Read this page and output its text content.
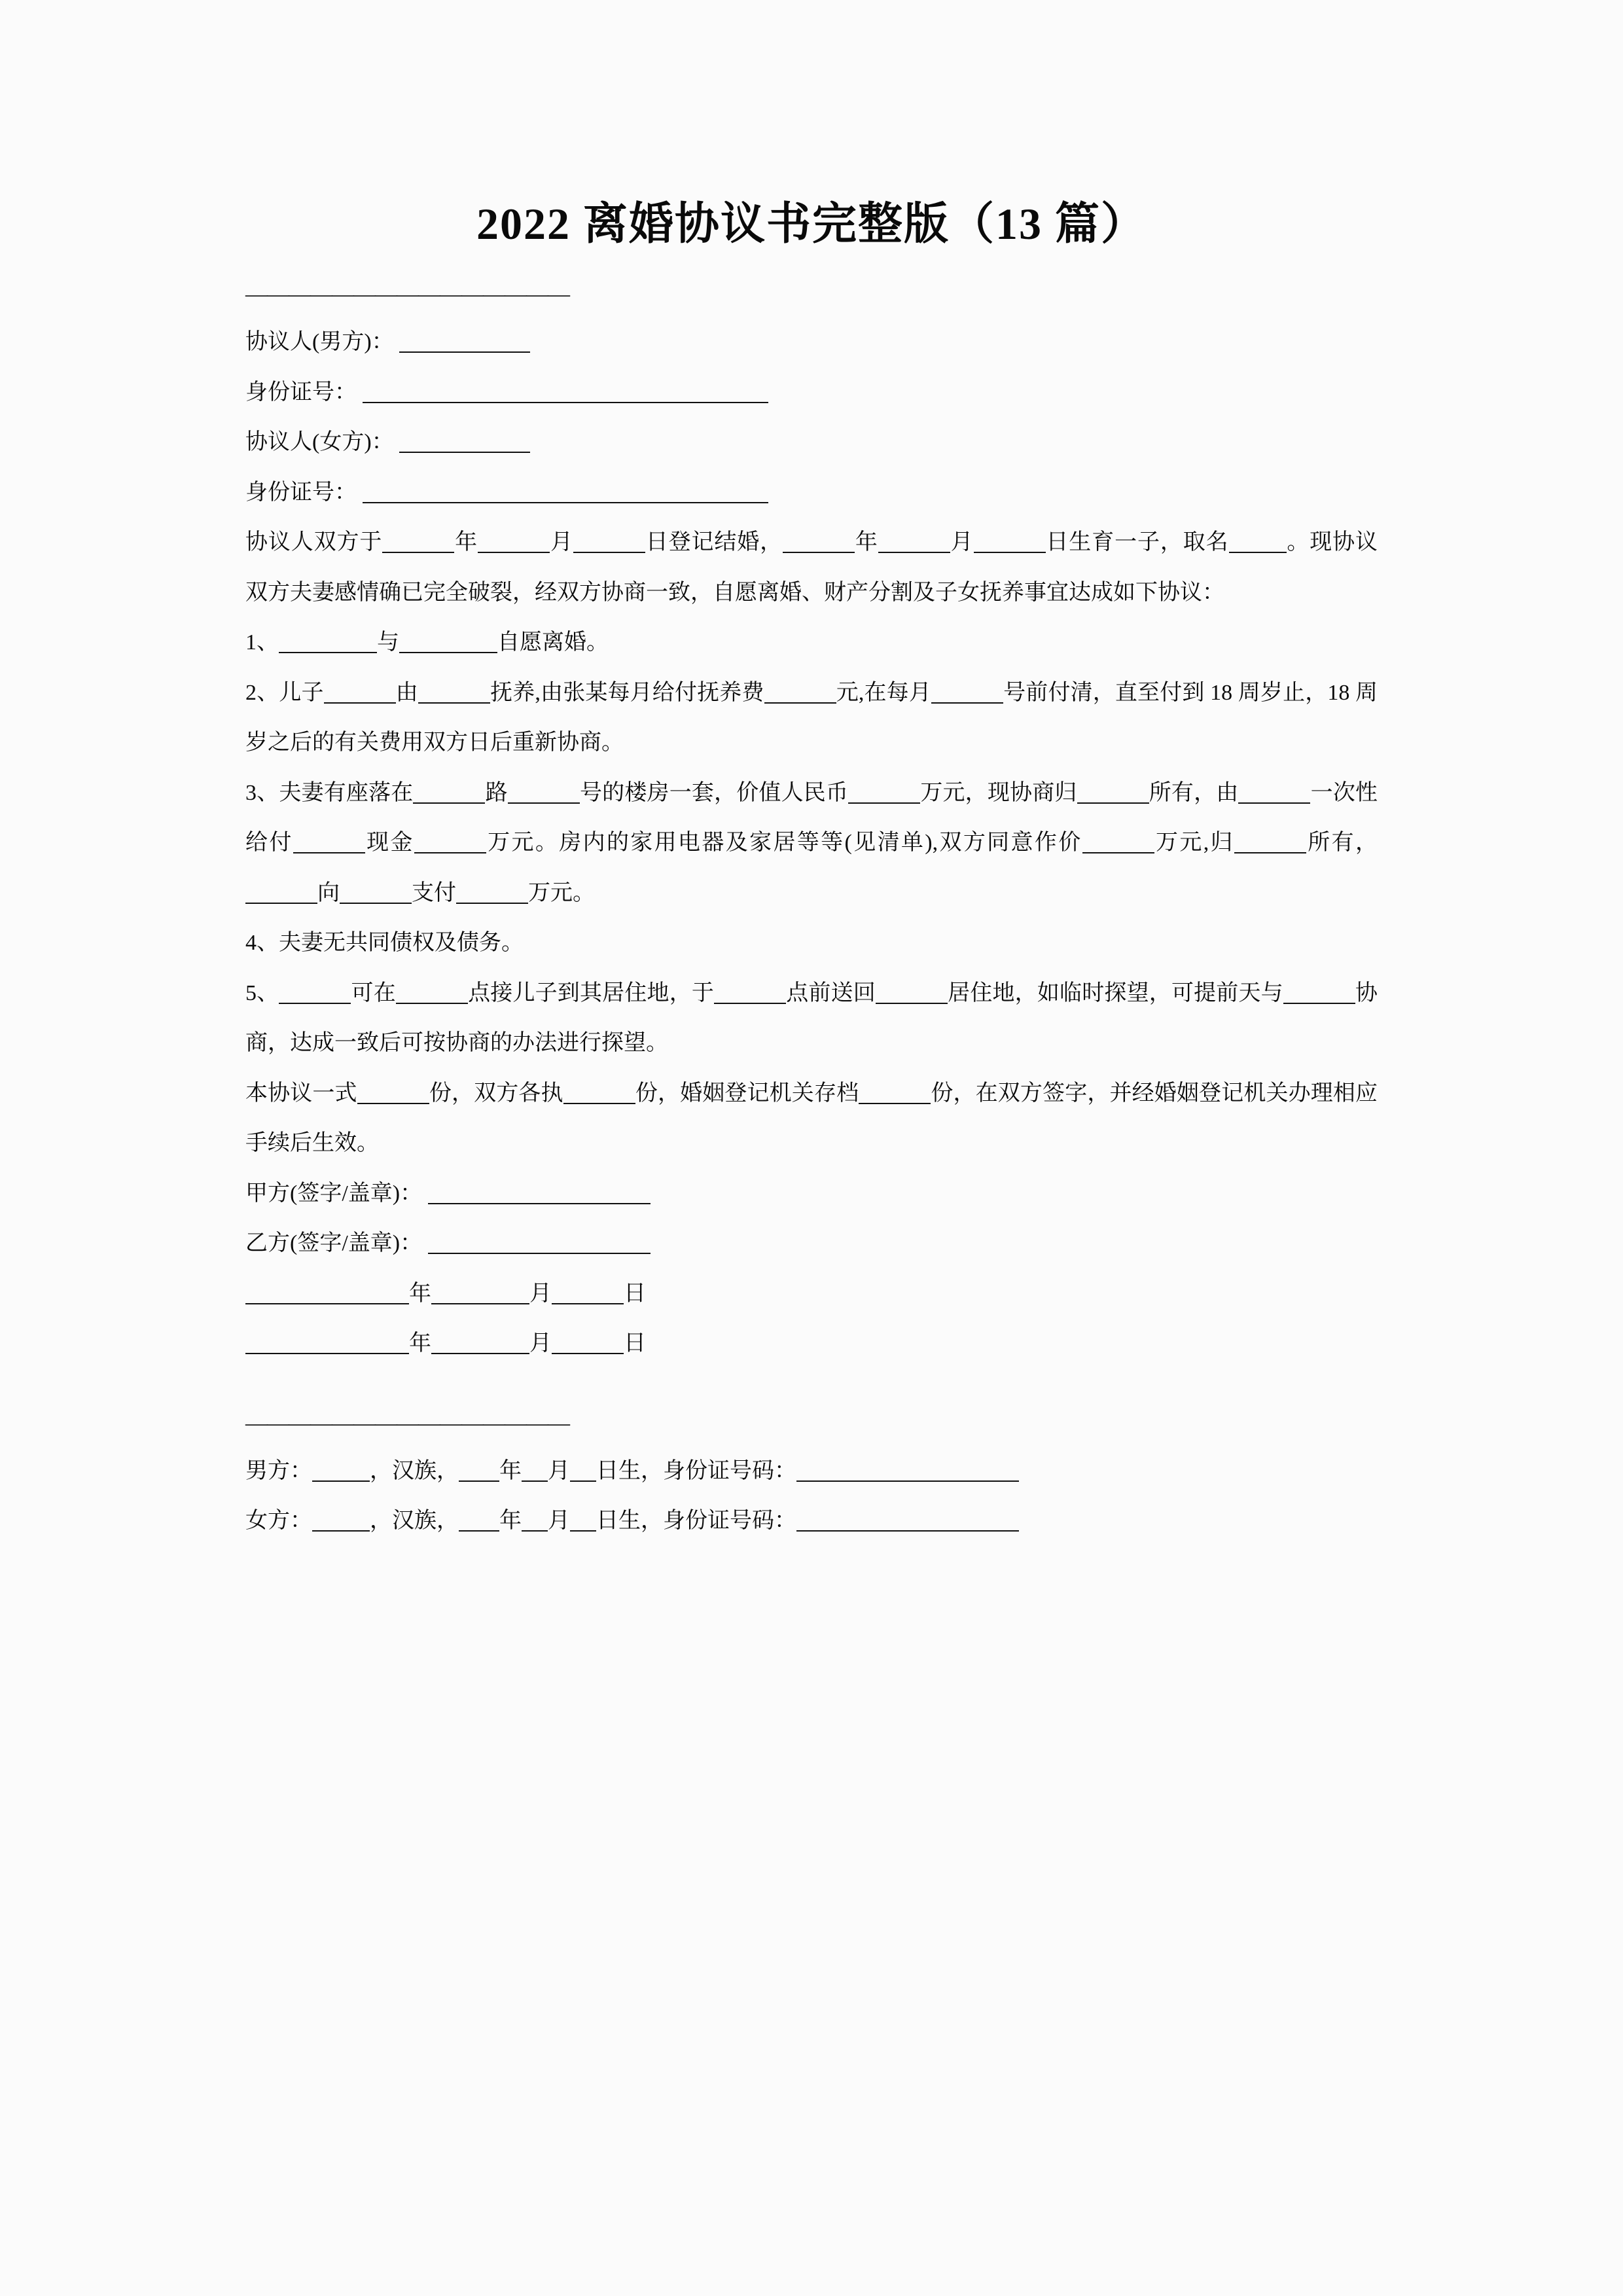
2022 离婚协议书完整版（13 篇）
———————————————
协议人(男方)：
身份证号：
协议人(女方)：
身份证号：

协议人双方于	年	月	日登记结婚，	年	月	日生育一子，取名	。现协议双方夫妻感情确已完全破裂，经双方协商一致，自愿离婚、财产分割及子女抚养事宜达成如下协议：

1、	与	自愿离婚。

2、儿子	由	抚养,由张某每月给付抚养费	元,在每月	号前付清，直至付到 18 周岁止，18 周岁之后的有关费用双方日后重新协商。

3、夫妻有座落在	路	号的楼房一套，价值人民币	万元，现协商归	所有，由	一次性给付	现金	万元。房内的家用电器及家居等等(见清单),双方同意作价	万元,归	所有，向	支付	万元。

4、夫妻无共同债权及债务。

5、	可在	点接儿子到其居住地，于	点前送回	居住地，如临时探望，可提前天与	协商，达成一致后可按协商的办法进行探望。

本协议一式	份，双方各执	份，婚姻登记机关存档	份，在双方签字，并经婚姻登记机关办理相应手续后生效。

甲方(签字/盖章)：
乙方(签字/盖章)：
年	月	日
年	月	日
———————————————
男方：	，汉族， 年 月 日生，身份证号码：
女方：	，汉族， 年 月 日生，身份证号码：
